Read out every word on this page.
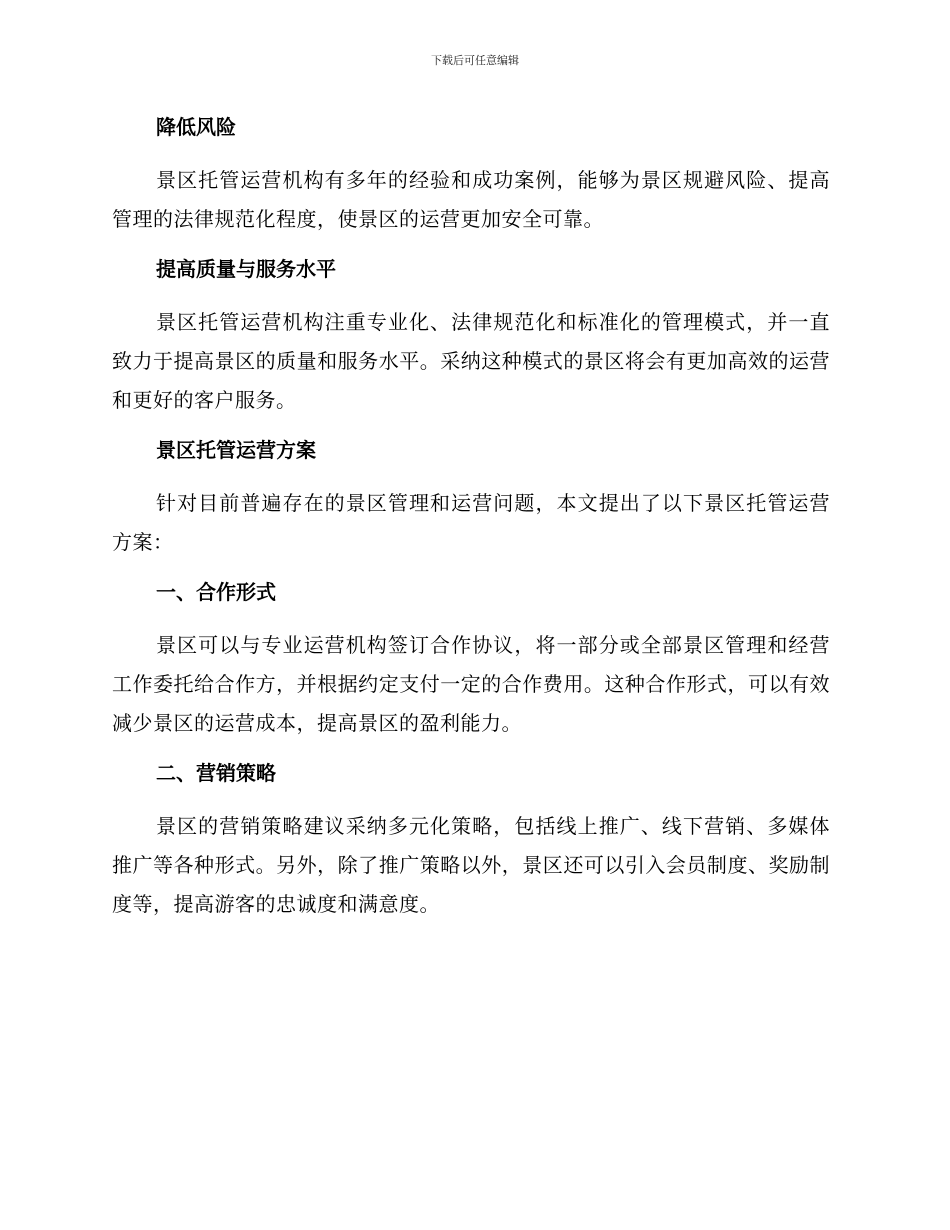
下载后可任意编辑
降低风险

景区托管运营机构有多年的经验和成功案例，能够为景区规避风险、提高管理的法律规范化程度，使景区的运营更加安全可靠。

提高质量与服务水平

景区托管运营机构注重专业化、法律规范化和标准化的管理模式，并一直致力于提高景区的质量和服务水平。采纳这种模式的景区将会有更加高效的运营和更好的客户服务。

景区托管运营方案

针对目前普遍存在的景区管理和运营问题，本文提出了以下景区托管运营方案：

一、合作形式

景区可以与专业运营机构签订合作协议，将一部分或全部景区管理和经营工作委托给合作方，并根据约定支付一定的合作费用。这种合作形式，可以有效减少景区的运营成本，提高景区的盈利能力。

二、营销策略

景区的营销策略建议采纳多元化策略，包括线上推广、线下营销、多媒体推广等各种形式。另外，除了推广策略以外，景区还可以引入会员制度、奖励制度等，提高游客的忠诚度和满意度。
